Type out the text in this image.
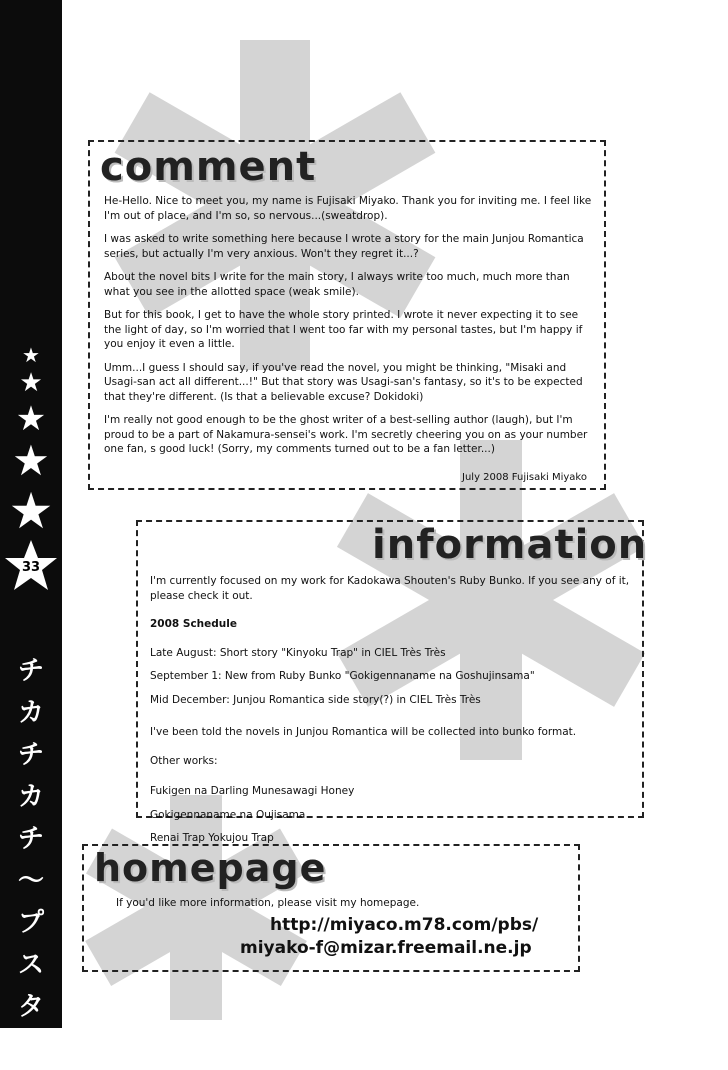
★
★
★
★
★
33
チ
カ
チ
カ
チ
〜
プ
ス
タ
〜
comment

He-Hello. Nice to meet you, my name is Fujisaki Miyako. Thank you for inviting me. I feel like I'm out of place, and I'm so, so nervous...(sweatdrop).

I was asked to write something here because I wrote a story for the main Junjou Romantica series, but actually I'm very anxious. Won't they regret it...?

About the novel bits I write for the main story, I always write too much, much more than what you see in the allotted space (weak smile).

But for this book, I get to have the whole story printed. I wrote it never expecting it to see the light of day, so I'm worried that I went too far with my personal tastes, but I'm happy if you enjoy it even a little.

Umm...I guess I should say, if you've read the novel, you might be thinking, "Misaki and Usagi-san act all different...!" But that story was Usagi-san's fantasy, so it's to be expected that they're different. (Is that a believable excuse? Dokidoki)

I'm really not good enough to be the ghost writer of a best-selling author (laugh), but I'm proud to be a part of Nakamura-sensei's work. I'm secretly cheering you on as your number one fan, s good luck! (Sorry, my comments turned out to be a fan letter...)

July 2008 Fujisaki Miyako
information

I'm currently focused on my work for Kadokawa Shouten's Ruby Bunko. If you see any of it, please check it out.

2008 Schedule

Late August: Short story "Kinyoku Trap" in CIEL Très Très

September 1: New from Ruby Bunko "Gokigennaname na Goshujinsama"

Mid December: Junjou Romantica side story(?) in CIEL Très Très

I've been told the novels in Junjou Romantica will be collected into bunko format.

Other works:

Fukigen na Darling Munesawagi Honey

Gokigennaname na Oujisama

Renai Trap Yokujou Trap

homepage
If you'd like more information, please visit my homepage.
http://miyaco.m78.com/pbs/
miyako-f@mizar.freemail.ne.jp
